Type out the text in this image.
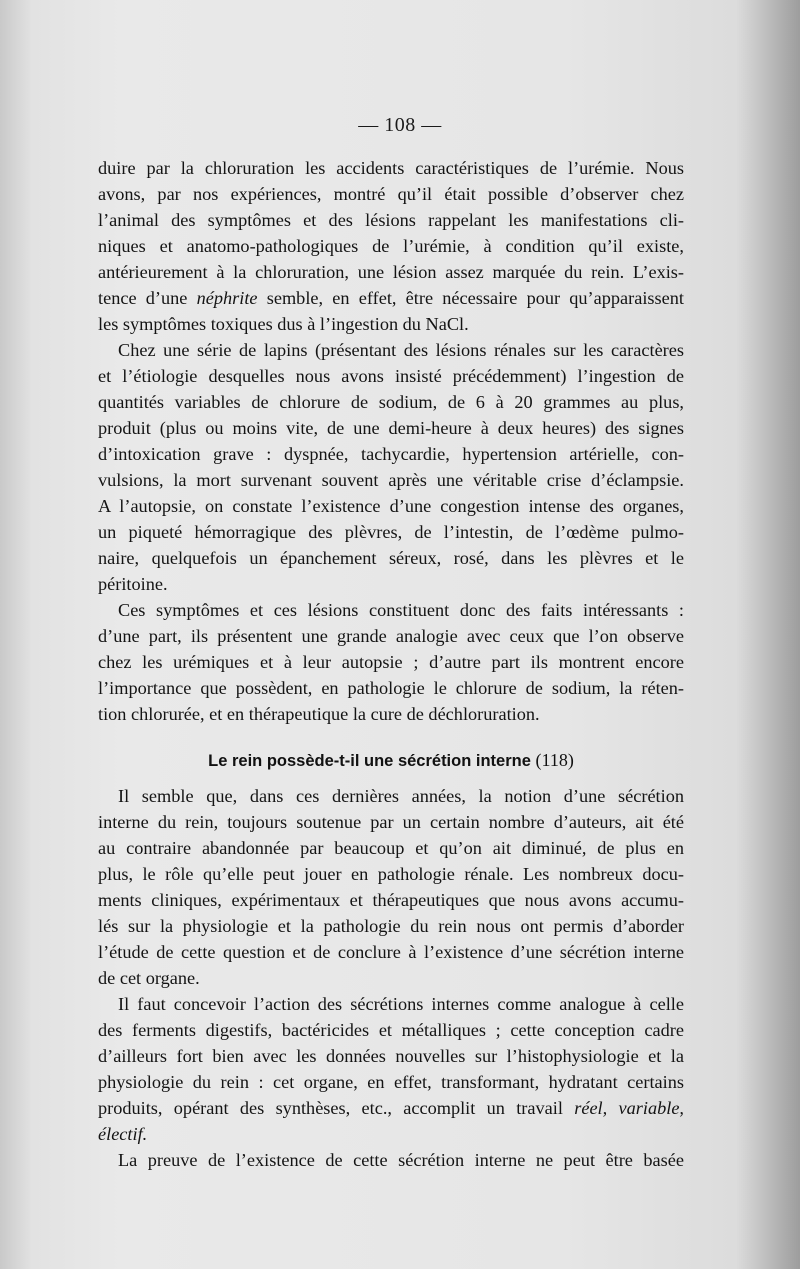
— 108 —
duire par la chloruration les accidents caractéristiques de l’urémie. Nous
avons, par nos expériences, montré qu’il était possible d’observer chez
l’animal des symptômes et des lésions rappelant les manifestations cli-
niques et anatomo-pathologiques de l’urémie, à condition qu’il existe,
antérieurement à la chloruration, une lésion assez marquée du rein. L’exis-
tence d’une néphrite semble, en effet, être nécessaire pour qu’apparaissent
les symptômes toxiques dus à l’ingestion du NaCl.
Chez une série de lapins (présentant des lésions rénales sur les caractères
et l’étiologie desquelles nous avons insisté précédemment) l’ingestion de
quantités variables de chlorure de sodium, de 6 à 20 grammes au plus,
produit (plus ou moins vite, de une demi-heure à deux heures) des signes
d’intoxication grave : dyspnée, tachycardie, hypertension artérielle, con-
vulsions, la mort survenant souvent après une véritable crise d’éclampsie.
A l’autopsie, on constate l’existence d’une congestion intense des organes,
un piqueté hémorragique des plèvres, de l’intestin, de l’œdème pulmo-
naire, quelquefois un épanchement séreux, rosé, dans les plèvres et le
péritoine.
Ces symptômes et ces lésions constituent donc des faits intéressants :
d’une part, ils présentent une grande analogie avec ceux que l’on observe
chez les urémiques et à leur autopsie ; d’autre part ils montrent encore
l’importance que possèdent, en pathologie le chlorure de sodium, la réten-
tion chlorurée, et en thérapeutique la cure de déchloruration.
Le rein possède-t-il une sécrétion interne (118)
Il semble que, dans ces dernières années, la notion d’une sécrétion
interne du rein, toujours soutenue par un certain nombre d’auteurs, ait été
au contraire abandonnée par beaucoup et qu’on ait diminué, de plus en
plus, le rôle qu’elle peut jouer en pathologie rénale. Les nombreux docu-
ments cliniques, expérimentaux et thérapeutiques que nous avons accumu-
lés sur la physiologie et la pathologie du rein nous ont permis d’aborder
l’étude de cette question et de conclure à l’existence d’une sécrétion interne
de cet organe.
Il faut concevoir l’action des sécrétions internes comme analogue à celle
des ferments digestifs, bactéricides et métalliques ; cette conception cadre
d’ailleurs fort bien avec les données nouvelles sur l’histophysiologie et la
physiologie du rein : cet organe, en effet, transformant, hydratant certains
produits, opérant des synthèses, etc., accomplit un travail réel, variable,
électif.
La preuve de l’existence de cette sécrétion interne ne peut être basée
